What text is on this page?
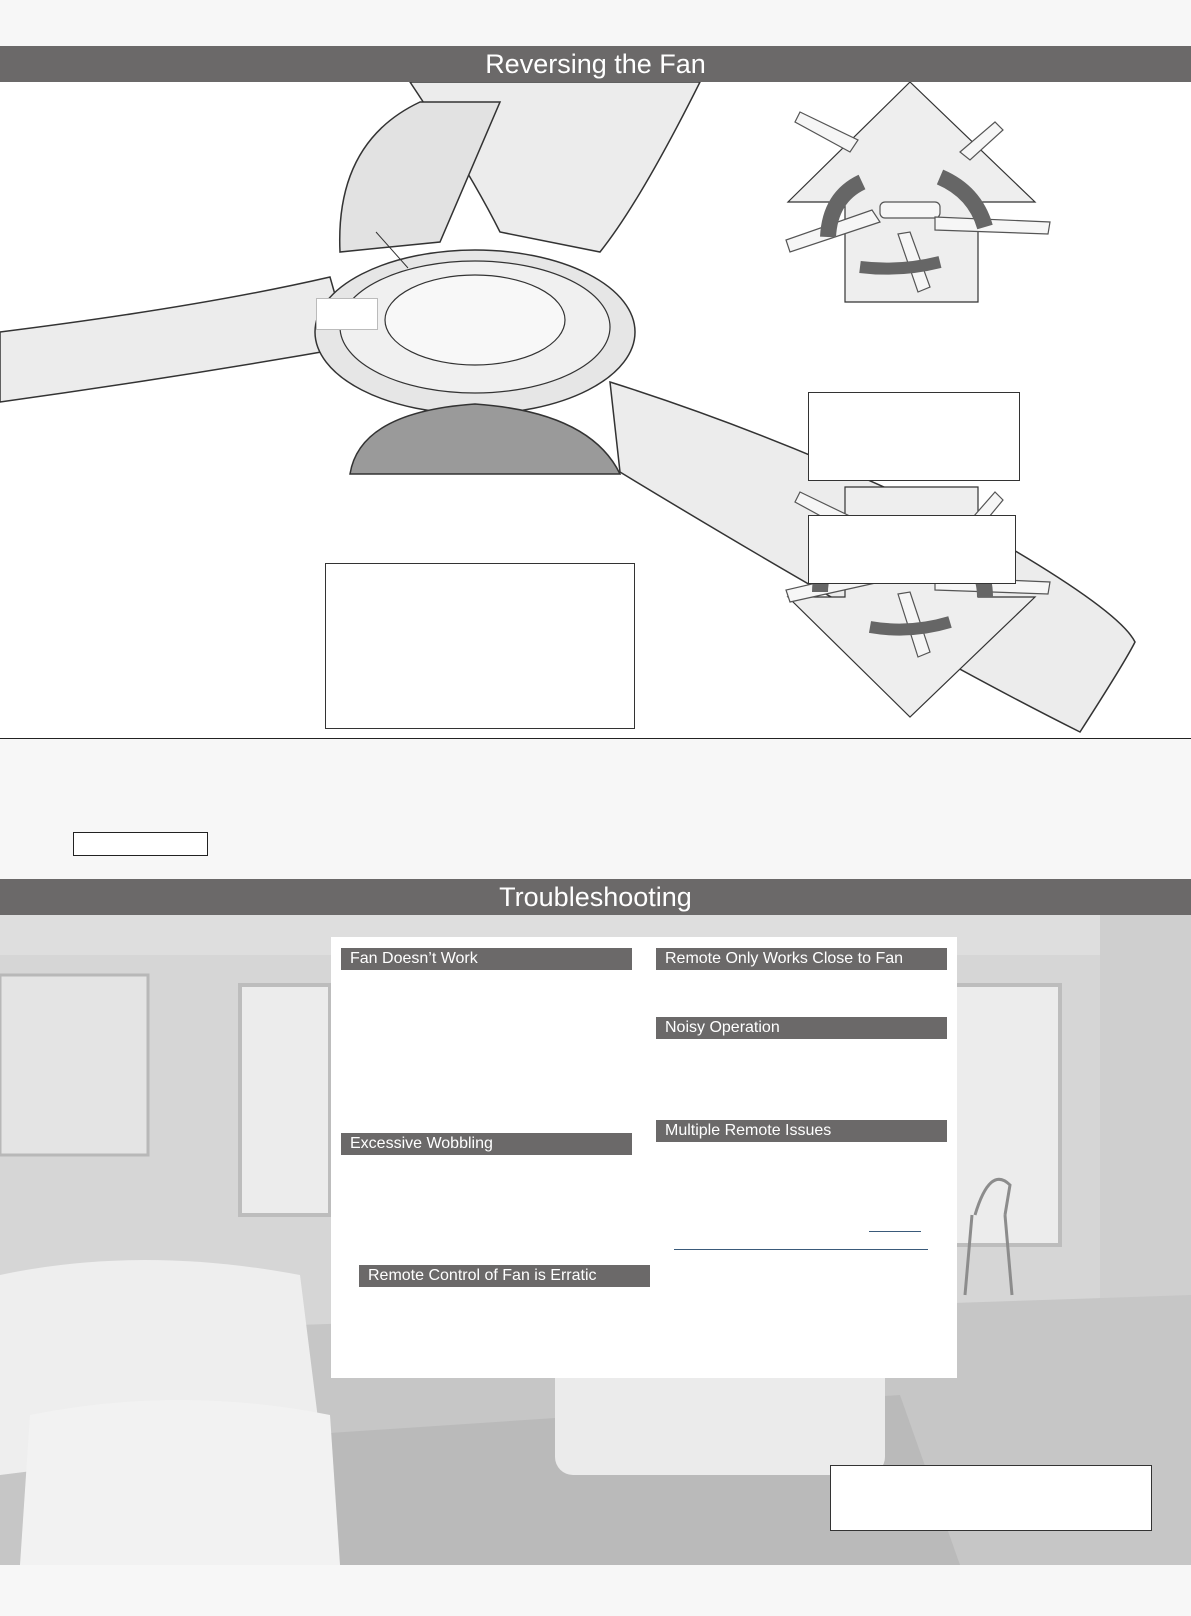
Reversing the Fan
Troubleshooting
Fan Doesn’t Work	Remote Only Works Close to Fan
Noisy Operation
Multiple Remote Issues
Excessive Wobbling
Remote Control of Fan is Erratic
